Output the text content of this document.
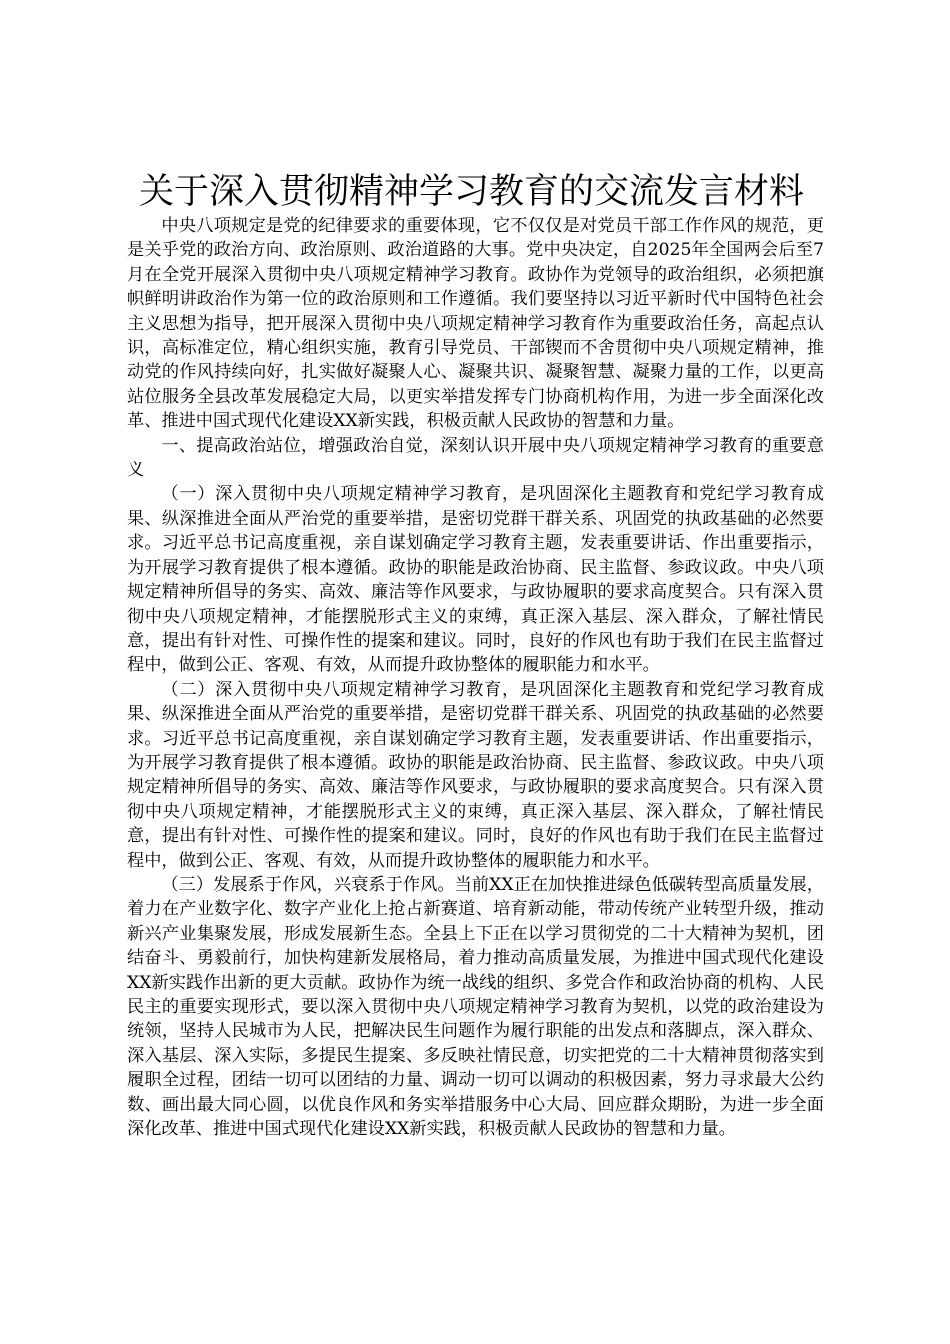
关于深入贯彻精神学习教育的交流发言材料

中央八项规定是党的纪律要求的重要体现，它不仅仅是对党员干部工作作风的规范，更是关乎党的政治方向、政治原则、政治道路的大事。党中央决定，自2025年全国两会后至7月在全党开展深入贯彻中央八项规定精神学习教育。政协作为党领导的政治组织，必须把旗帜鲜明讲政治作为第一位的政治原则和工作遵循。我们要坚持以习近平新时代中国特色社会主义思想为指导，把开展深入贯彻中央八项规定精神学习教育作为重要政治任务，高起点认识，高标准定位，精心组织实施，教育引导党员、干部锲而不舍贯彻中央八项规定精神，推动党的作风持续向好，扎实做好凝聚人心、凝聚共识、凝聚智慧、凝聚力量的工作，以更高站位服务全县改革发展稳定大局，以更实举措发挥专门协商机构作用，为进一步全面深化改革、推进中国式现代化建设XX新实践，积极贡献人民政协的智慧和力量。

一、提高政治站位，增强政治自觉，深刻认识开展中央八项规定精神学习教育的重要意义

（一）深入贯彻中央八项规定精神学习教育，是巩固深化主题教育和党纪学习教育成果、纵深推进全面从严治党的重要举措，是密切党群干群关系、巩固党的执政基础的必然要求。习近平总书记高度重视，亲自谋划确定学习教育主题，发表重要讲话、作出重要指示，为开展学习教育提供了根本遵循。政协的职能是政治协商、民主监督、参政议政。中央八项规定精神所倡导的务实、高效、廉洁等作风要求，与政协履职的要求高度契合。只有深入贯彻中央八项规定精神，才能摆脱形式主义的束缚，真正深入基层、深入群众，了解社情民意，提出有针对性、可操作性的提案和建议。同时，良好的作风也有助于我们在民主监督过程中，做到公正、客观、有效，从而提升政协整体的履职能力和水平。

（二）深入贯彻中央八项规定精神学习教育，是巩固深化主题教育和党纪学习教育成果、纵深推进全面从严治党的重要举措，是密切党群干群关系、巩固党的执政基础的必然要求。习近平总书记高度重视，亲自谋划确定学习教育主题，发表重要讲话、作出重要指示，为开展学习教育提供了根本遵循。政协的职能是政治协商、民主监督、参政议政。中央八项规定精神所倡导的务实、高效、廉洁等作风要求，与政协履职的要求高度契合。只有深入贯彻中央八项规定精神，才能摆脱形式主义的束缚，真正深入基层、深入群众，了解社情民意，提出有针对性、可操作性的提案和建议。同时，良好的作风也有助于我们在民主监督过程中，做到公正、客观、有效，从而提升政协整体的履职能力和水平。

（三）发展系于作风，兴衰系于作风。当前XX正在加快推进绿色低碳转型高质量发展，着力在产业数字化、数字产业化上抢占新赛道、培育新动能，带动传统产业转型升级，推动新兴产业集聚发展，形成发展新生态。全县上下正在以学习贯彻党的二十大精神为契机，团结奋斗、勇毅前行，加快构建新发展格局，着力推动高质量发展，为推进中国式现代化建设XX新实践作出新的更大贡献。政协作为统一战线的组织、多党合作和政治协商的机构、人民民主的重要实现形式，要以深入贯彻中央八项规定精神学习教育为契机，以党的政治建设为统领，坚持人民城市为人民，把解决民生问题作为履行职能的出发点和落脚点，深入群众、深入基层、深入实际，多提民生提案、多反映社情民意，切实把党的二十大精神贯彻落实到履职全过程，团结一切可以团结的力量、调动一切可以调动的积极因素，努力寻求最大公约数、画出最大同心圆，以优良作风和务实举措服务中心大局、回应群众期盼，为进一步全面深化改革、推进中国式现代化建设XX新实践，积极贡献人民政协的智慧和力量。
